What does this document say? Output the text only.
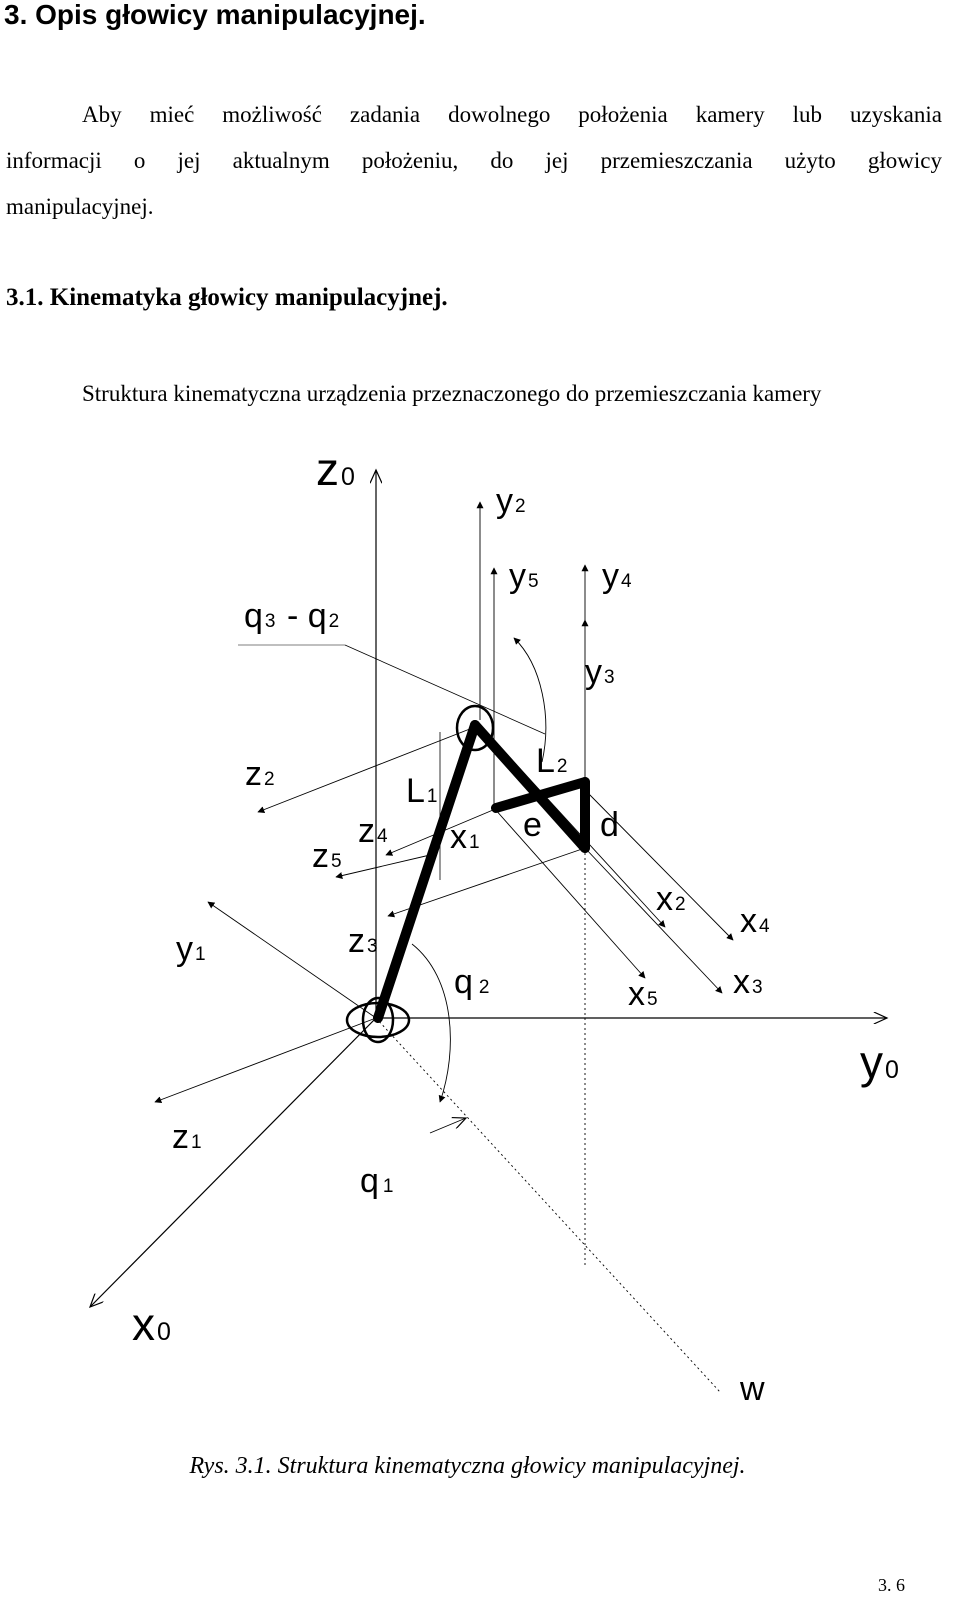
3. Opis głowicy manipulacyjnej.
Aby mieć możliwość zadania dowolnego położenia kamery lub uzyskania
informacji o jej aktualnym położeniu, do jej przemieszczania użyto głowicy
manipulacyjnej.
3.1. Kinematyka głowicy manipulacyjnej.

Struktura kinematyczna urządzenia przeznaczonego do przemieszczania kamery

z0
y 2
y 5 y 4
q 3 - q 2
y 3
z 2	L 2
L 1
z 4	e d
x 1
z 5
x 2 x 4
z 3
y 1
q 2	x 3
x 5
y0
z 1
q 1
x0
w

Rys. 3.1. Struktura kinematyczna głowicy manipulacyjnej.

3. 6
